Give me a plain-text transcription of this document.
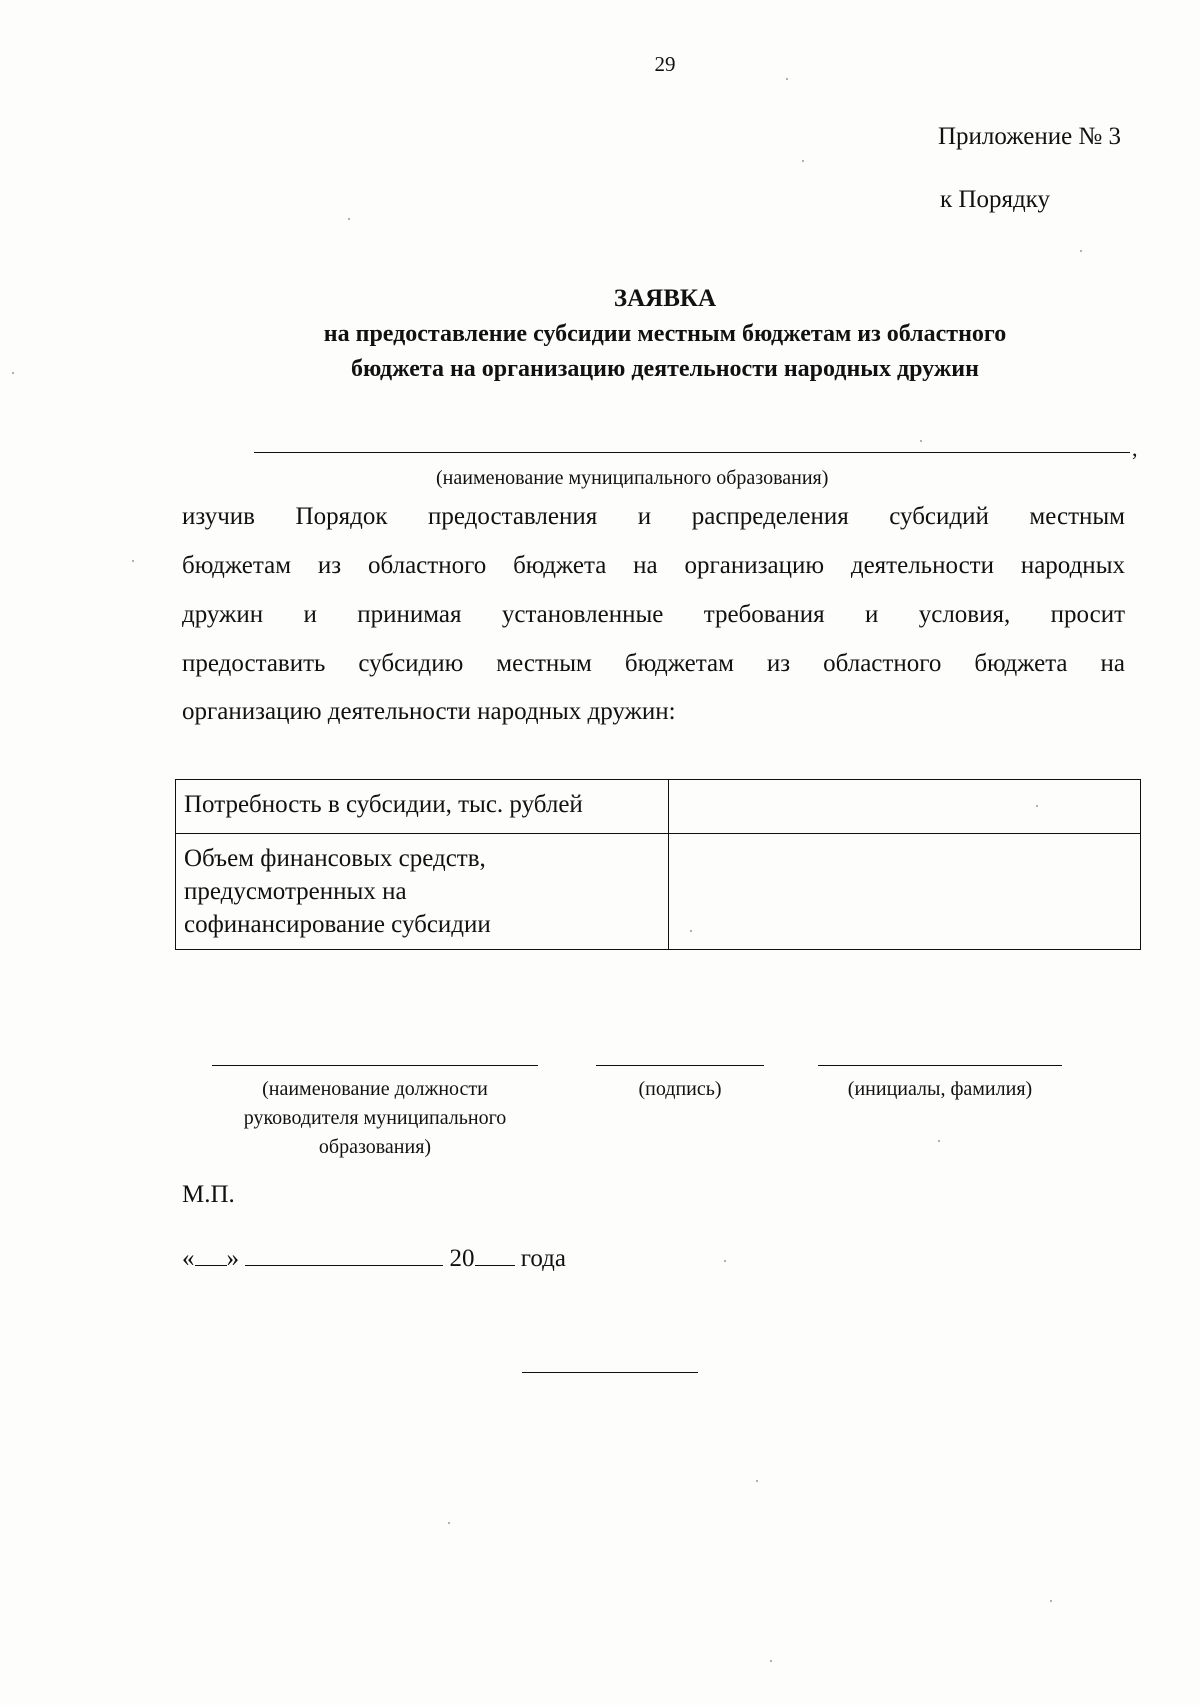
29
Приложение № 3
к Порядку
ЗАЯВКА
на предоставление субсидии местным бюджетам из областного
бюджета на организацию деятельности народных дружин
,
(наименование муниципального образования)
изучив Порядок предоставления и распределения субсидий местным
бюджетам из областного бюджета на организацию деятельности народных
дружин и принимая установленные требования и условия, просит
предоставить субсидию местным бюджетам из областного бюджета на
организацию деятельности народных дружин:
Потребность в субсидии, тыс. рублей	

Объем финансовых средств,
предусмотренных на
софинансирование субсидии	

(наименование должности
руководителя муниципального
образования)
(подпись)	(инициалы, фамилия)
М.П.
« »	20 года
